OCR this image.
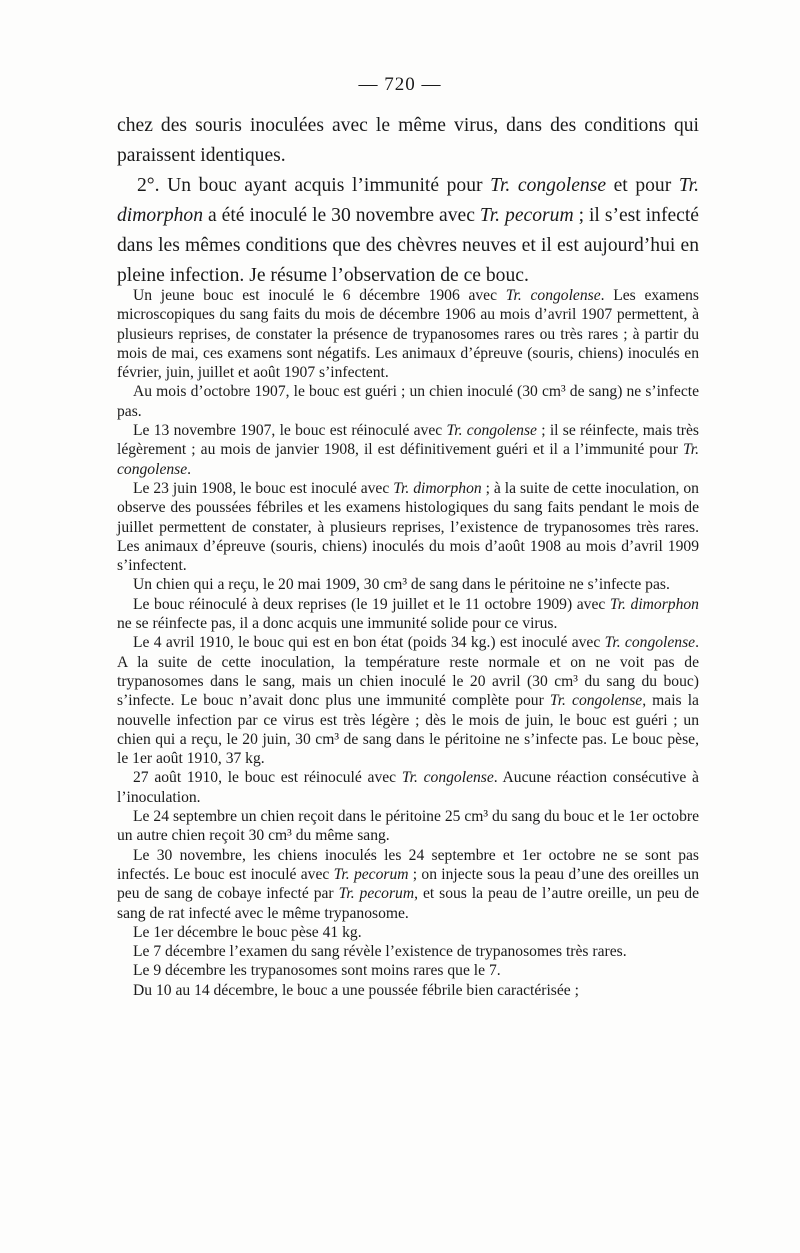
— 720 —

chez des souris inoculées avec le même virus, dans des conditions qui paraissent identiques.

2°. Un bouc ayant acquis l’immunité pour Tr. congolense et pour Tr. dimorphon a été inoculé le 30 novembre avec Tr. pecorum ; il s’est infecté dans les mêmes conditions que des chèvres neuves et il est aujourd’hui en pleine infection. Je résume l’observation de ce bouc.

Un jeune bouc est inoculé le 6 décembre 1906 avec Tr. congolense. Les examens microscopiques du sang faits du mois de décembre 1906 au mois d’avril 1907 permettent, à plusieurs reprises, de constater la présence de trypanosomes rares ou très rares ; à partir du mois de mai, ces examens sont négatifs. Les animaux d’épreuve (souris, chiens) inoculés en février, juin, juillet et août 1907 s’infectent.

Au mois d’octobre 1907, le bouc est guéri ; un chien inoculé (30 cm³ de sang) ne s’infecte pas.

Le 13 novembre 1907, le bouc est réinoculé avec Tr. congolense ; il se réinfecte, mais très légèrement ; au mois de janvier 1908, il est définitivement guéri et il a l’immunité pour Tr. congolense.

Le 23 juin 1908, le bouc est inoculé avec Tr. dimorphon ; à la suite de cette inoculation, on observe des poussées fébriles et les examens histologiques du sang faits pendant le mois de juillet permettent de constater, à plusieurs reprises, l’existence de trypanosomes très rares. Les animaux d’épreuve (souris, chiens) inoculés du mois d’août 1908 au mois d’avril 1909 s’infectent.

Un chien qui a reçu, le 20 mai 1909, 30 cm³ de sang dans le péritoine ne s’infecte pas.

Le bouc réinoculé à deux reprises (le 19 juillet et le 11 octobre 1909) avec Tr. dimorphon ne se réinfecte pas, il a donc acquis une immunité solide pour ce virus.

Le 4 avril 1910, le bouc qui est en bon état (poids 34 kg.) est inoculé avec Tr. congolense. A la suite de cette inoculation, la température reste normale et on ne voit pas de trypanosomes dans le sang, mais un chien inoculé le 20 avril (30 cm³ du sang du bouc) s’infecte. Le bouc n’avait donc plus une immunité complète pour Tr. congolense, mais la nouvelle infection par ce virus est très légère ; dès le mois de juin, le bouc est guéri ; un chien qui a reçu, le 20 juin, 30 cm³ de sang dans le péritoine ne s’infecte pas. Le bouc pèse, le 1er août 1910, 37 kg.

27 août 1910, le bouc est réinoculé avec Tr. congolense. Aucune réaction consécutive à l’inoculation.

Le 24 septembre un chien reçoit dans le péritoine 25 cm³ du sang du bouc et le 1er octobre un autre chien reçoit 30 cm³ du même sang.

Le 30 novembre, les chiens inoculés les 24 septembre et 1er octobre ne se sont pas infectés. Le bouc est inoculé avec Tr. pecorum ; on injecte sous la peau d’une des oreilles un peu de sang de cobaye infecté par Tr. pecorum, et sous la peau de l’autre oreille, un peu de sang de rat infecté avec le même trypanosome.

Le 1er décembre le bouc pèse 41 kg.

Le 7 décembre l’examen du sang révèle l’existence de trypanosomes très rares.

Le 9 décembre les trypanosomes sont moins rares que le 7.

Du 10 au 14 décembre, le bouc a une poussée fébrile bien caractérisée ;
